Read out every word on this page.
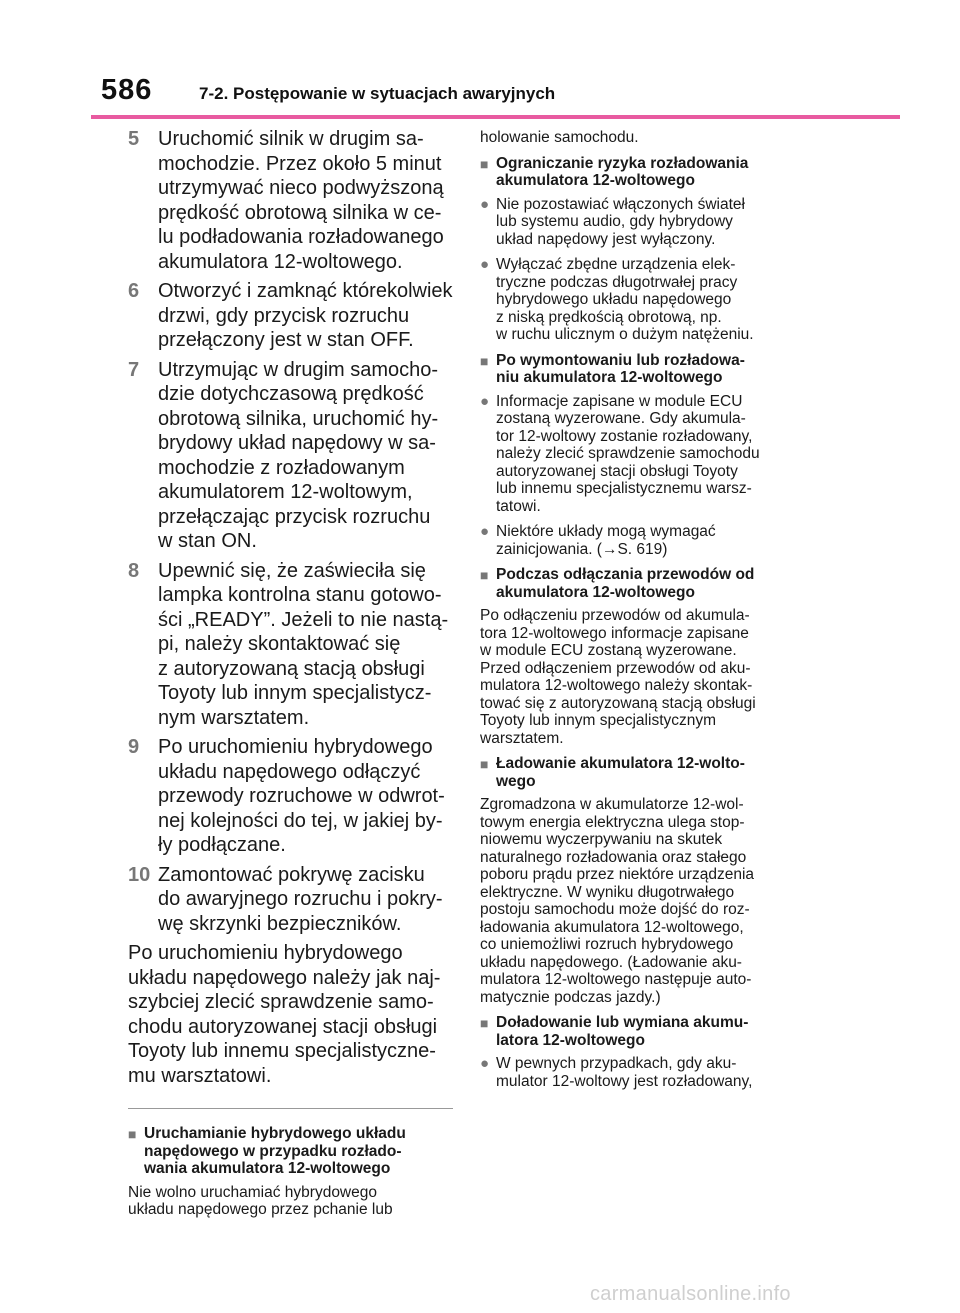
586	7-2. Postępowanie w sytuacjach awaryjnych
5 Uruchomić silnik w drugim sa-
mochodzie. Przez około 5 minut
utrzymywać nieco podwyższoną
prędkość obrotową silnika w ce-
lu podładowania rozładowanego
akumulatora 12-woltowego.
6 Otworzyć i zamknąć którekolwiek
drzwi, gdy przycisk rozruchu
przełączony jest w stan OFF.
7 Utrzymując w drugim samocho-
dzie dotychczasową prędkość
obrotową silnika, uruchomić hy-
brydowy układ napędowy w sa-
mochodzie z rozładowanym
akumulatorem 12-woltowym,
przełączając przycisk rozruchu
w stan ON.
8 Upewnić się, że zaświeciła się
lampka kontrolna stanu gotowo-
ści „READY”. Jeżeli to nie nastą-
pi, należy skontaktować się
z autoryzowaną stacją obsługi
Toyoty lub innym specjalistycz-
nym warsztatem.
9 Po uruchomieniu hybrydowego
układu napędowego odłączyć
przewody rozruchowe w odwrot-
nej kolejności do tej, w jakiej by-
ły podłączane.
10 Zamontować pokrywę zacisku
do awaryjnego rozruchu i pokry-
wę skrzynki bezpieczników.
Po uruchomieniu hybrydowego
układu napędowego należy jak naj-
szybciej zlecić sprawdzenie samo-
chodu autoryzowanej stacji obsługi
Toyoty lub innemu specjalistyczne-
mu warsztatowi.
■ Uruchamianie hybrydowego układu
napędowego w przypadku rozłado-
wania akumulatora 12-woltowego
Nie wolno uruchamiać hybrydowego
układu napędowego przez pchanie lub
holowanie samochodu.
■ Ograniczanie ryzyka rozładowania
akumulatora 12-woltowego
● Nie pozostawiać włączonych świateł
lub systemu audio, gdy hybrydowy
układ napędowy jest wyłączony.
● Wyłączać zbędne urządzenia elek-
tryczne podczas długotrwałej pracy
hybrydowego układu napędowego
z niską prędkością obrotową, np.
w ruchu ulicznym o dużym natężeniu.
■ Po wymontowaniu lub rozładowa-
niu akumulatora 12-woltowego
● Informacje zapisane w module ECU
zostaną wyzerowane. Gdy akumula-
tor 12-woltowy zostanie rozładowany,
należy zlecić sprawdzenie samochodu
autoryzowanej stacji obsługi Toyoty
lub innemu specjalistycznemu warsz-
tatowi.
● Niektóre układy mogą wymagać
zainicjowania. (→S. 619)
■ Podczas odłączania przewodów od
akumulatora 12-woltowego
Po odłączeniu przewodów od akumula-
tora 12-woltowego informacje zapisane
w module ECU zostaną wyzerowane.
Przed odłączeniem przewodów od aku-
mulatora 12-woltowego należy skontak-
tować się z autoryzowaną stacją obsługi
Toyoty lub innym specjalistycznym
warsztatem.
■ Ładowanie akumulatora 12-wolto-
wego
Zgromadzona w akumulatorze 12-wol-
towym energia elektryczna ulega stop-
niowemu wyczerpywaniu na skutek
naturalnego rozładowania oraz stałego
poboru prądu przez niektóre urządzenia
elektryczne. W wyniku długotrwałego
postoju samochodu może dojść do roz-
ładowania akumulatora 12-woltowego,
co uniemożliwi rozruch hybrydowego
układu napędowego. (Ładowanie aku-
mulatora 12-woltowego następuje auto-
matycznie podczas jazdy.)
■ Doładowanie lub wymiana akumu-
latora 12-woltowego
● W pewnych przypadkach, gdy aku-
mulator 12-woltowy jest rozładowany,
carmanualsonline.info
